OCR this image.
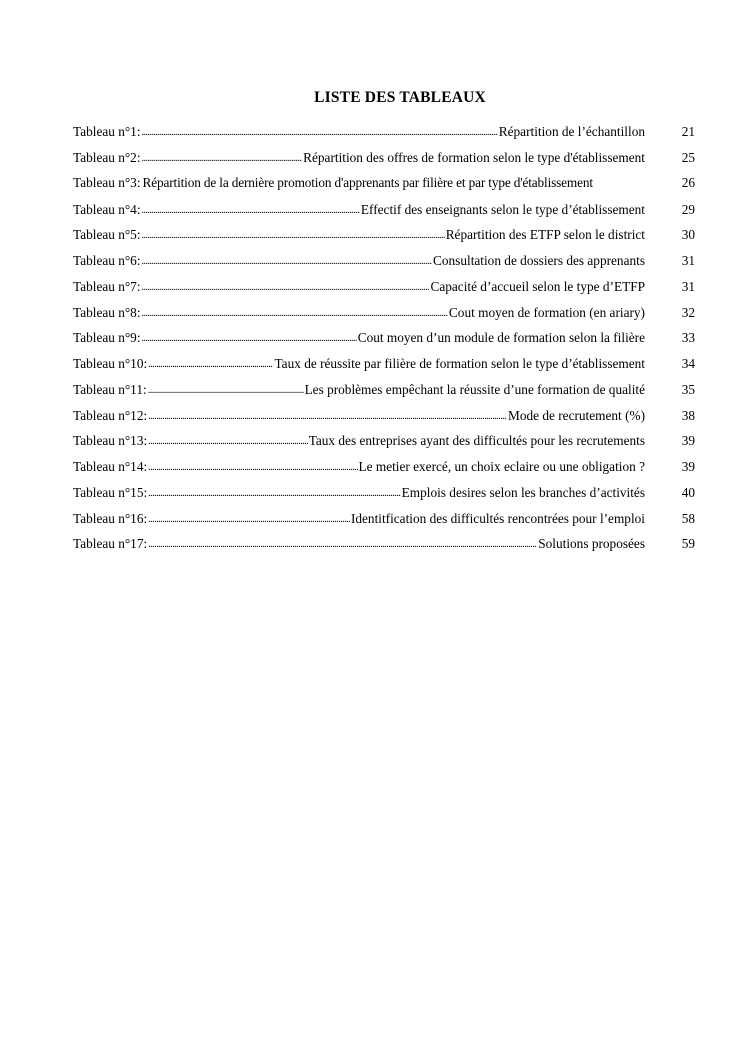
LISTE DES TABLEAUX
Tableau n°1: .....	Répartition de l’échantillon	21
Tableau n°2: .....	Répartition des offres de formation selon le type d'établissement	25
Tableau n°3: Répartition de la dernière promotion d'apprenants par filière et par type d'établissement	26
Tableau n°4: .....	Effectif des enseignants selon le type d’établissement	29
Tableau n°5: .....	Répartition des ETFP selon le district	30
Tableau n°6: .....	Consultation de dossiers des apprenants	31
Tableau n°7: .....	Capacité d’accueil selon le type d’ETFP	31
Tableau n°8: .....	Cout moyen de formation (en ariary)	32
Tableau n°9: .....	Cout moyen d’un module de formation selon la filière	33
Tableau n°10: .....	Taux de réussite par filière de formation selon le type d’établissement	34
Tableau n°11: .....	Les problèmes empêchant la réussite d’une formation de qualité	35
Tableau n°12: .....	Mode de recrutement (%)	38
Tableau n°13: .....	Taux des entreprises ayant des difficultés pour les recrutements	39
Tableau n°14: .....	Le metier exercé, un choix eclaire ou une obligation ?	39
Tableau n°15: .....	Emplois desires selon les branches d’activités	40
Tableau n°16: .....	Identitfication des difficultés rencontrées pour l’emploi	58
Tableau n°17: .....	Solutions proposées	59
